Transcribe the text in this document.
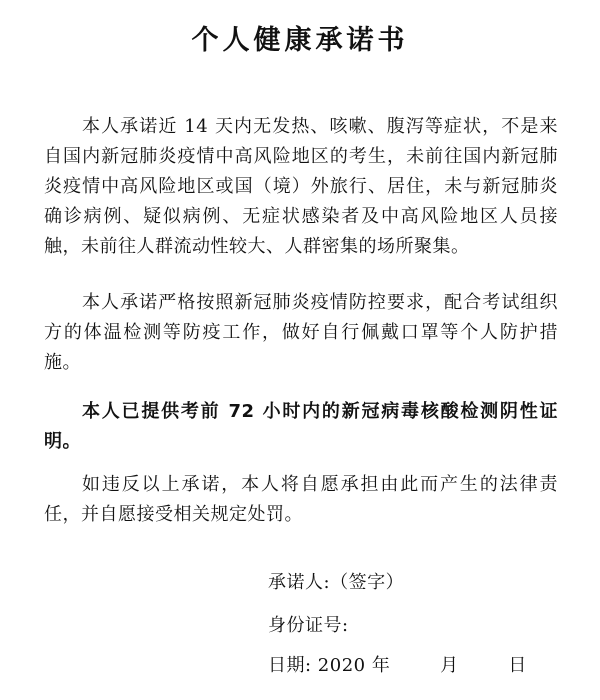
个人健康承诺书
本人承诺近 14 天内无发热、咳嗽、腹泻等症状，不是来自国内新冠肺炎疫情中高风险地区的考生，未前往国内新冠肺炎疫情中高风险地区或国（境）外旅行、居住，未与新冠肺炎确诊病例、疑似病例、无症状感染者及中高风险地区人员接触，未前往人群流动性较大、人群密集的场所聚集。
本人承诺严格按照新冠肺炎疫情防控要求，配合考试组织方的体温检测等防疫工作，做好自行佩戴口罩等个人防护措施。
本人已提供考前 72 小时内的新冠病毒核酸检测阴性证明。
如违反以上承诺，本人将自愿承担由此而产生的法律责任，并自愿接受相关规定处罚。
承诺人:（签字）
身份证号:
日期: 2020 年        月        日
